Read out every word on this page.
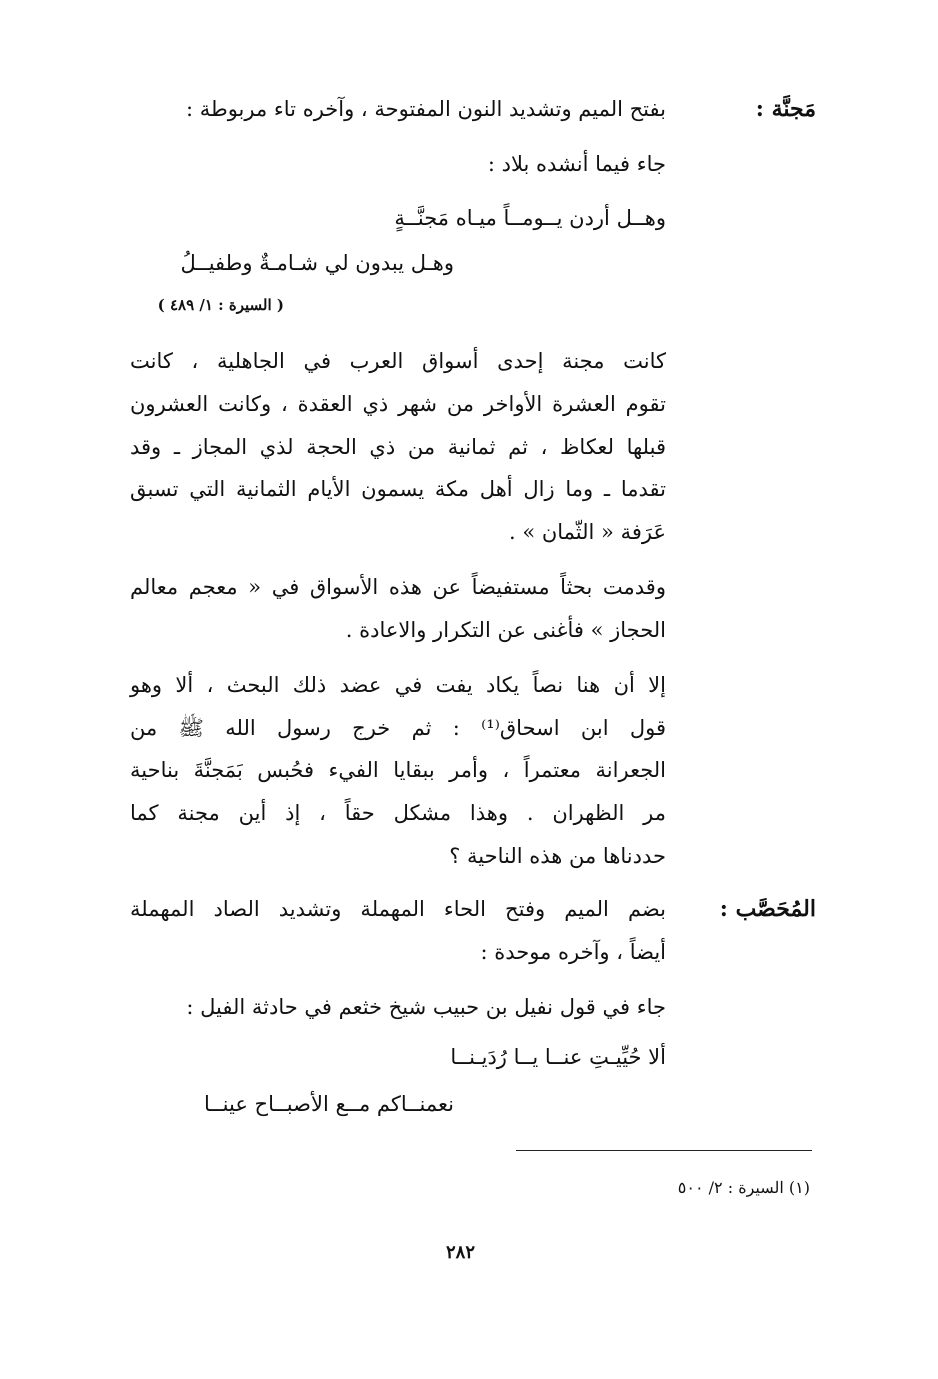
مَجنَّة :
بفتح الميم وتشديد النون المفتوحة ، وآخره تاء مربوطة :
جاء فيما أنشده بلاد :
وهــل أردن يــومــاً ميـاه مَجنَّــةٍ
وهـل يبدون لي شـامـةٌ وطفيــلُ
( السيرة : ١/ ٤٨٩ )
كانت مجنة إحدى أسواق العرب في الجاهلية ، كانت
تقوم العشرة الأواخر من شهر ذي العقدة ، وكانت العشرون
قبلها لعكاظ ، ثم ثمانية من ذي الحجة لذي المجاز ـ وقد
تقدما ـ وما زال أهل مكة يسمون الأيام الثمانية التي تسبق
عَرَفة « الثّمان » .
وقدمت بحثاً مستفيضاً عن هذه الأسواق في « معجم معالم
الحجاز » فأغنى عن التكرار والاعادة .
إلا أن هنا نصاً يكاد يفت في عضد ذلك البحث ، ألا وهو
قول ابن اسحاق⁽¹⁾ : ثم خرج رسول الله ﷺ من
الجعرانة معتمراً ، وأمر ببقايا الفيء فحُبس بَمَجنَّةَ بناحية
مر الظهران . وهذا مشكل حقاً ، إذ أين مجنة كما
حددناها من هذه الناحية ؟
المُحَصَّب :
بضم الميم وفتح الحاء المهملة وتشديد الصاد المهملة
أيضاً ، وآخره موحدة :
جاء في قول نفيل بن حبيب شيخ خثعم في حادثة الفيل :
ألا حُيِّيـتِ عنــا يــا رُدَيـنــا
نعمنــاكم مــع الأصبــاح عينــا
(١) السيرة : ٢/ ٥٠٠
٢٨٢
